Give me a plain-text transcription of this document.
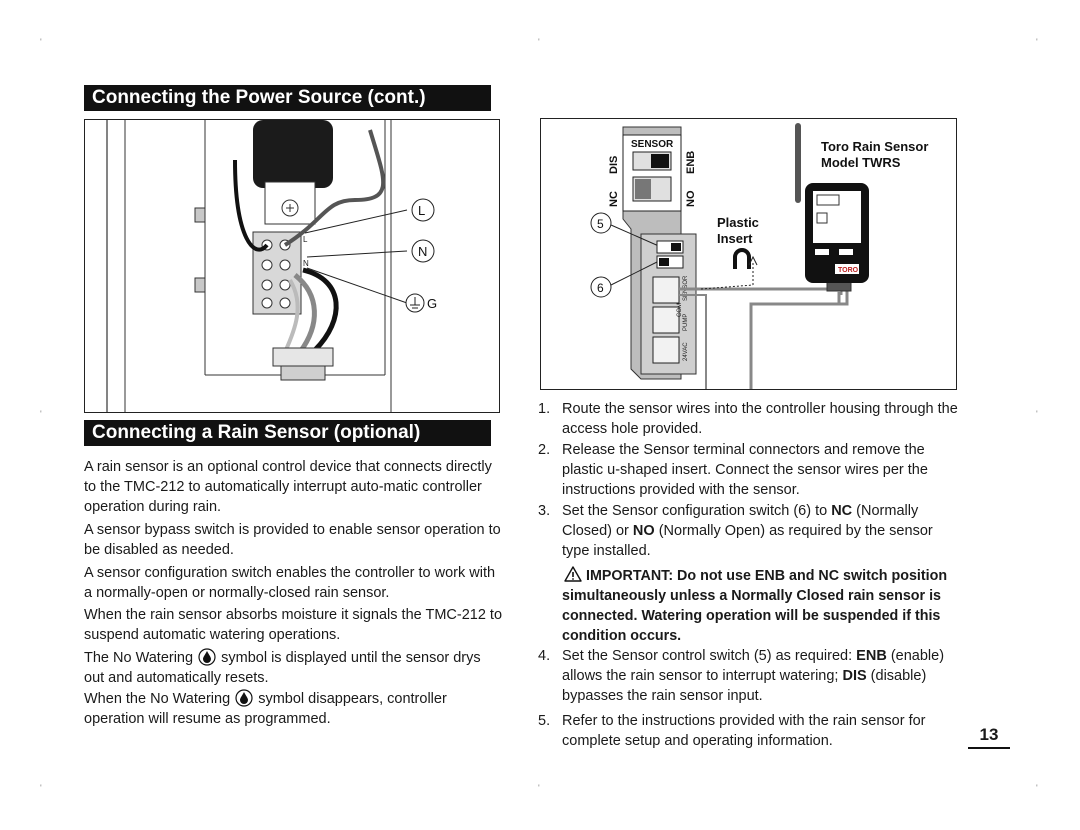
'	'	'
'	'
'	'	'
Connecting the Power Source (cont.)
L
N
L
N
G
Connecting a Rain Sensor (optional)

A rain sensor is an optional control device that connects directly to the TMC-212 to automatically interrupt auto-matic controller operation during rain.

A sensor bypass switch is provided to enable sensor operation to be disabled as needed.

A sensor configuration switch enables the controller to work with a normally-open or normally-closed rain sensor.

When the rain sensor absorbs moisture it signals the TMC-212 to suspend automatic watering operations.

The No Watering symbol is displayed until the sensor drys out and automatically resets.

When the No Watering symbol disappears, controller operation will resume as programmed.

SENSOR
DIS	ENB
NC	NO
5
6	SENSOR
PUMP
COM
24VAC
Plastic
Insert
TORO
Toro Rain Sensor
Model TWRS
1. Route the sensor wires into the controller housing through the access hole provided.
2. Release the Sensor terminal connectors and remove the plastic u-shaped insert. Connect the sensor wires per the instructions provided with the sensor.
3. Set the Sensor configuration switch (6) to NC (Normally Closed) or NO (Normally Open) as required by the sensor type installed.
IMPORTANT: Do not use ENB and NC switch position simultaneously unless a Normally Closed rain sensor is connected. Watering operation will be suspended if this condition occurs.
4. Set the Sensor control switch (5) as required: ENB (enable) allows the rain sensor to interrupt watering; DIS (disable) bypasses the rain sensor input.
5. Refer to the instructions provided with the rain sensor for complete setup and operating information.	13
